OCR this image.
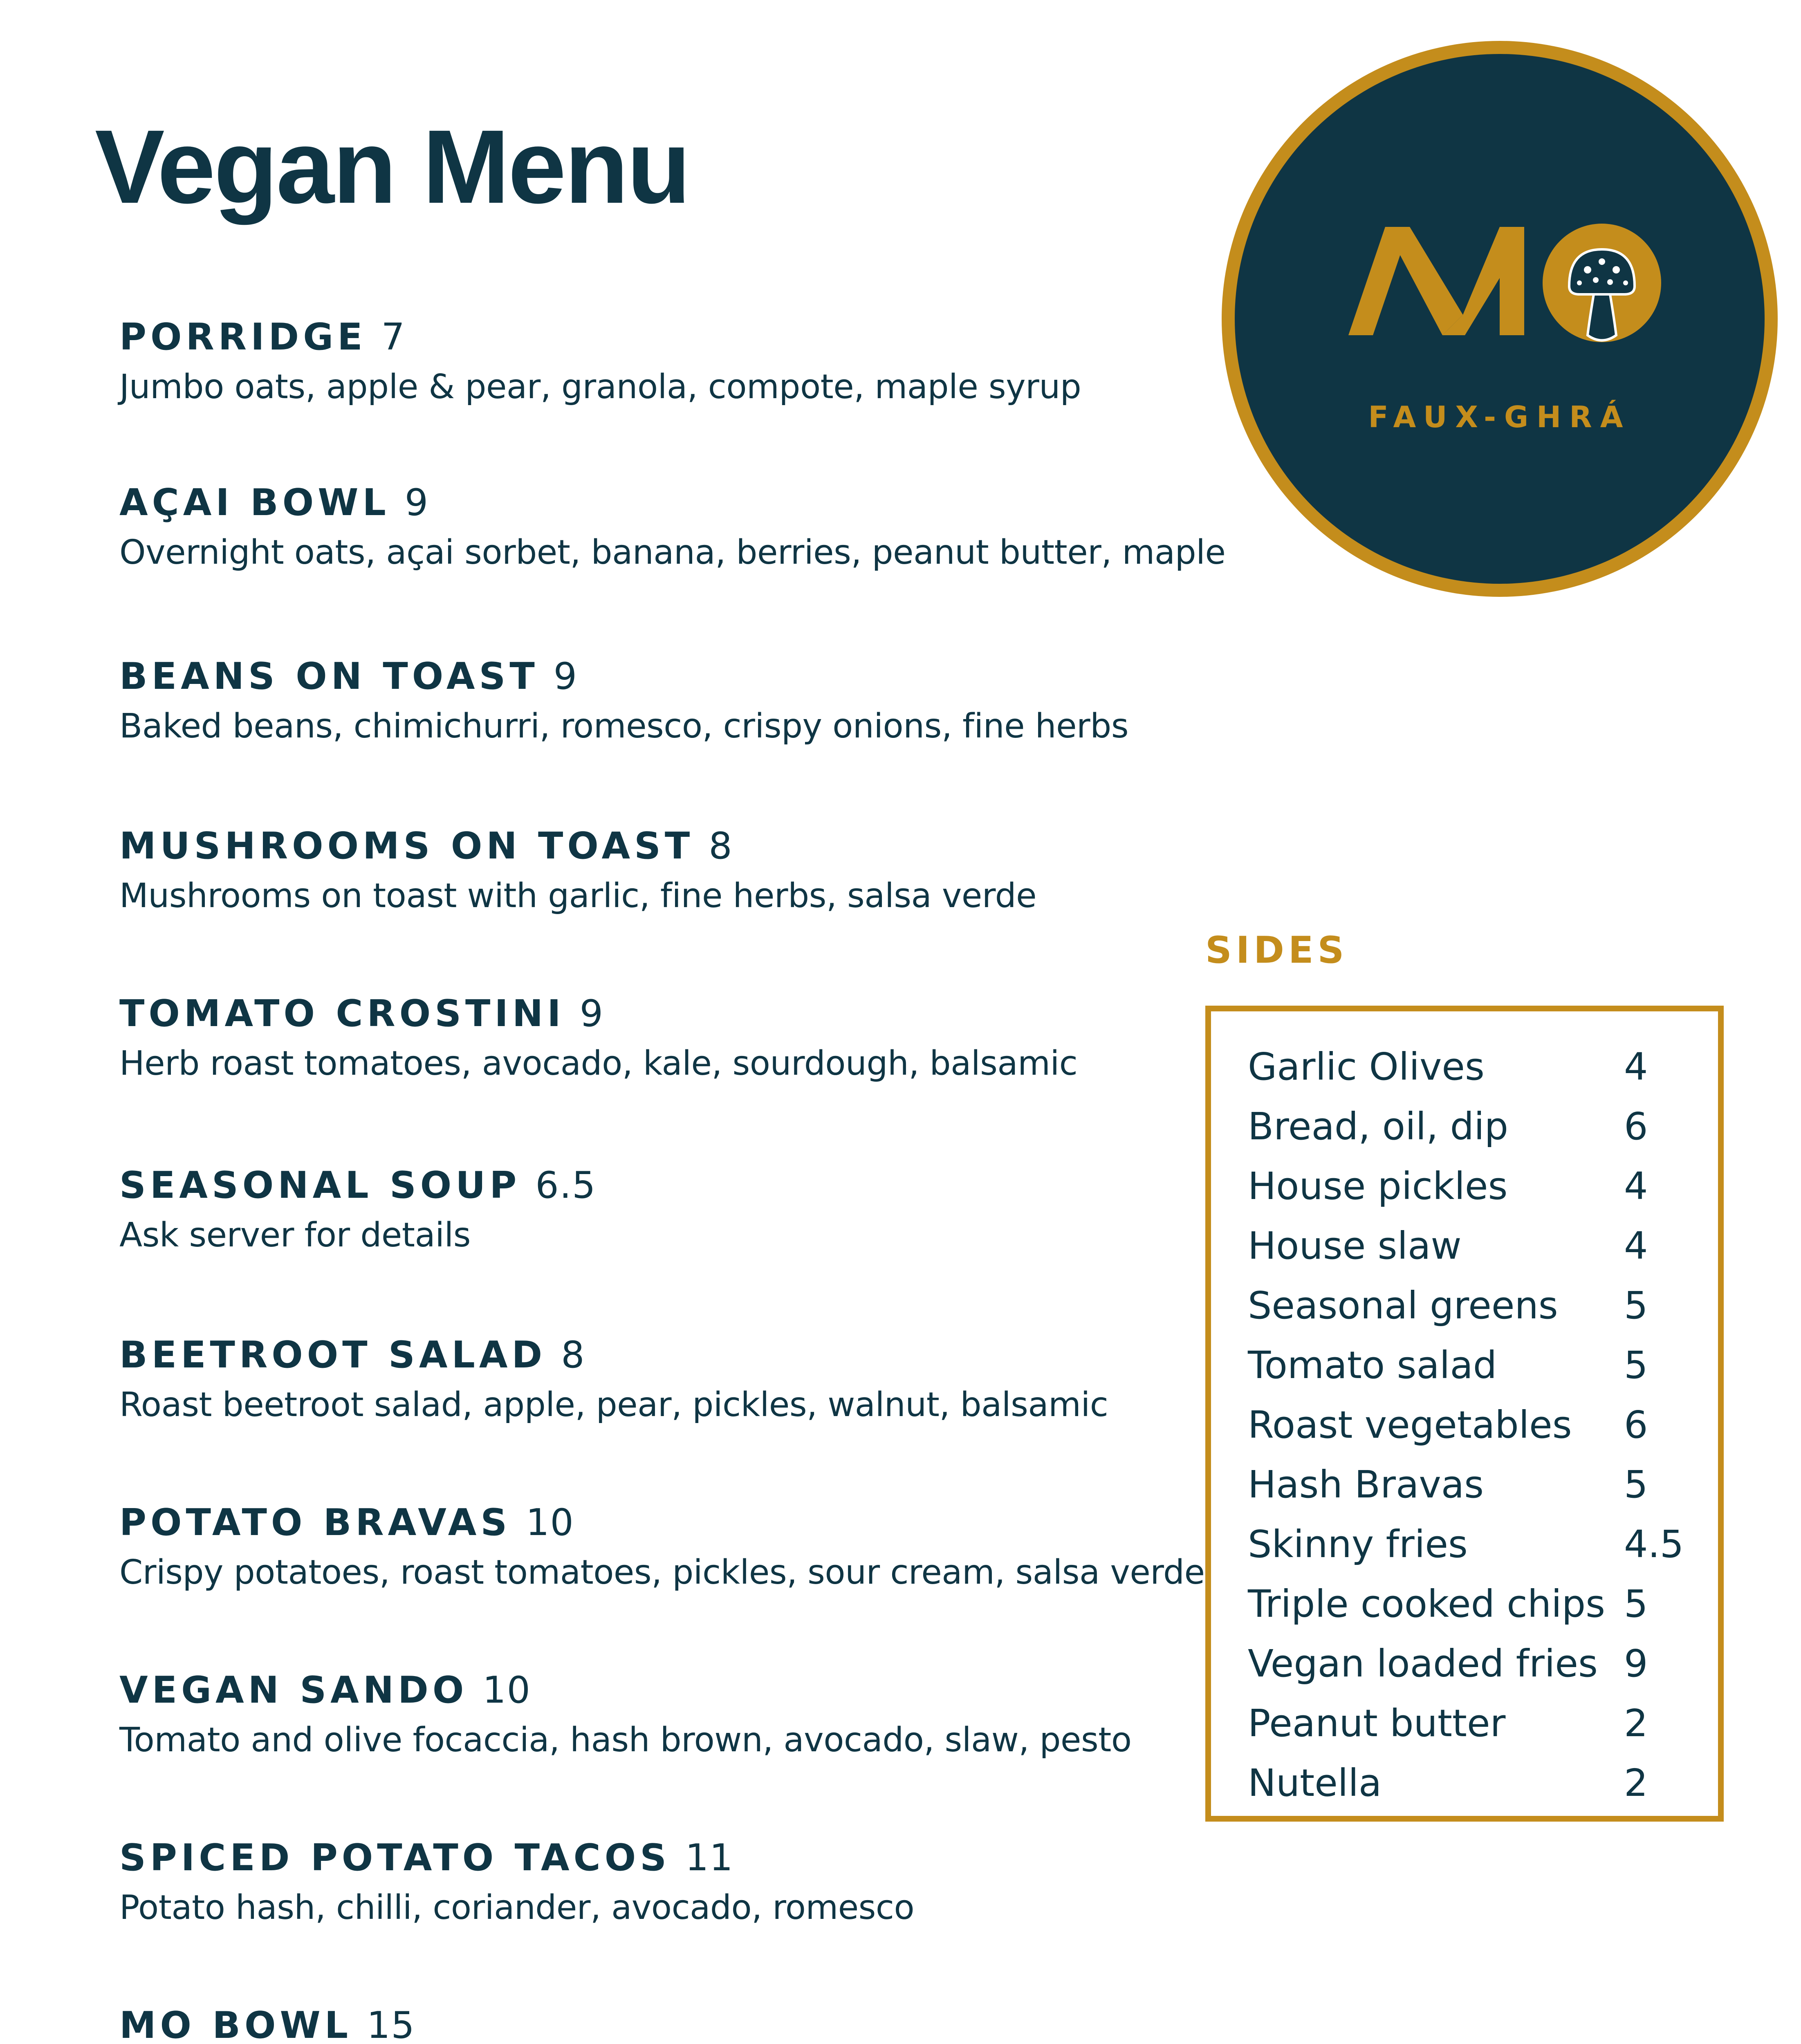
Vegan Menu
FAUX-GHRÁ
PORRIDGE 7
Jumbo oats, apple & pear, granola, compote, maple syrup
AÇAI BOWL 9
Overnight oats, açai sorbet, banana, berries, peanut butter, maple
BEANS ON TOAST 9
Baked beans, chimichurri, romesco, crispy onions, fine herbs
MUSHROOMS ON TOAST 8
Mushrooms on toast with garlic, fine herbs, salsa verde
TOMATO CROSTINI 9
Herb roast tomatoes, avocado, kale, sourdough, balsamic
SEASONAL SOUP 6.5
Ask server for details
BEETROOT SALAD 8
Roast beetroot salad, apple, pear, pickles, walnut, balsamic
POTATO BRAVAS 10
Crispy potatoes, roast tomatoes, pickles, sour cream, salsa verde
VEGAN SANDO 10
Tomato and olive focaccia, hash brown, avocado, slaw, pesto
SPICED POTATO TACOS 11
Potato hash, chilli, coriander, avocado, romesco
MO BOWL 15
SIDES
Garlic Olives	4
Bread, oil, dip	6
House pickles	4
House slaw	4
Seasonal greens 5
Tomato salad	5
Roast vegetables 6
Hash Bravas	5
Skinny fries	4.5
Triple cooked chips 5
Vegan loaded fries 9
Peanut butter	2
Nutella	2
